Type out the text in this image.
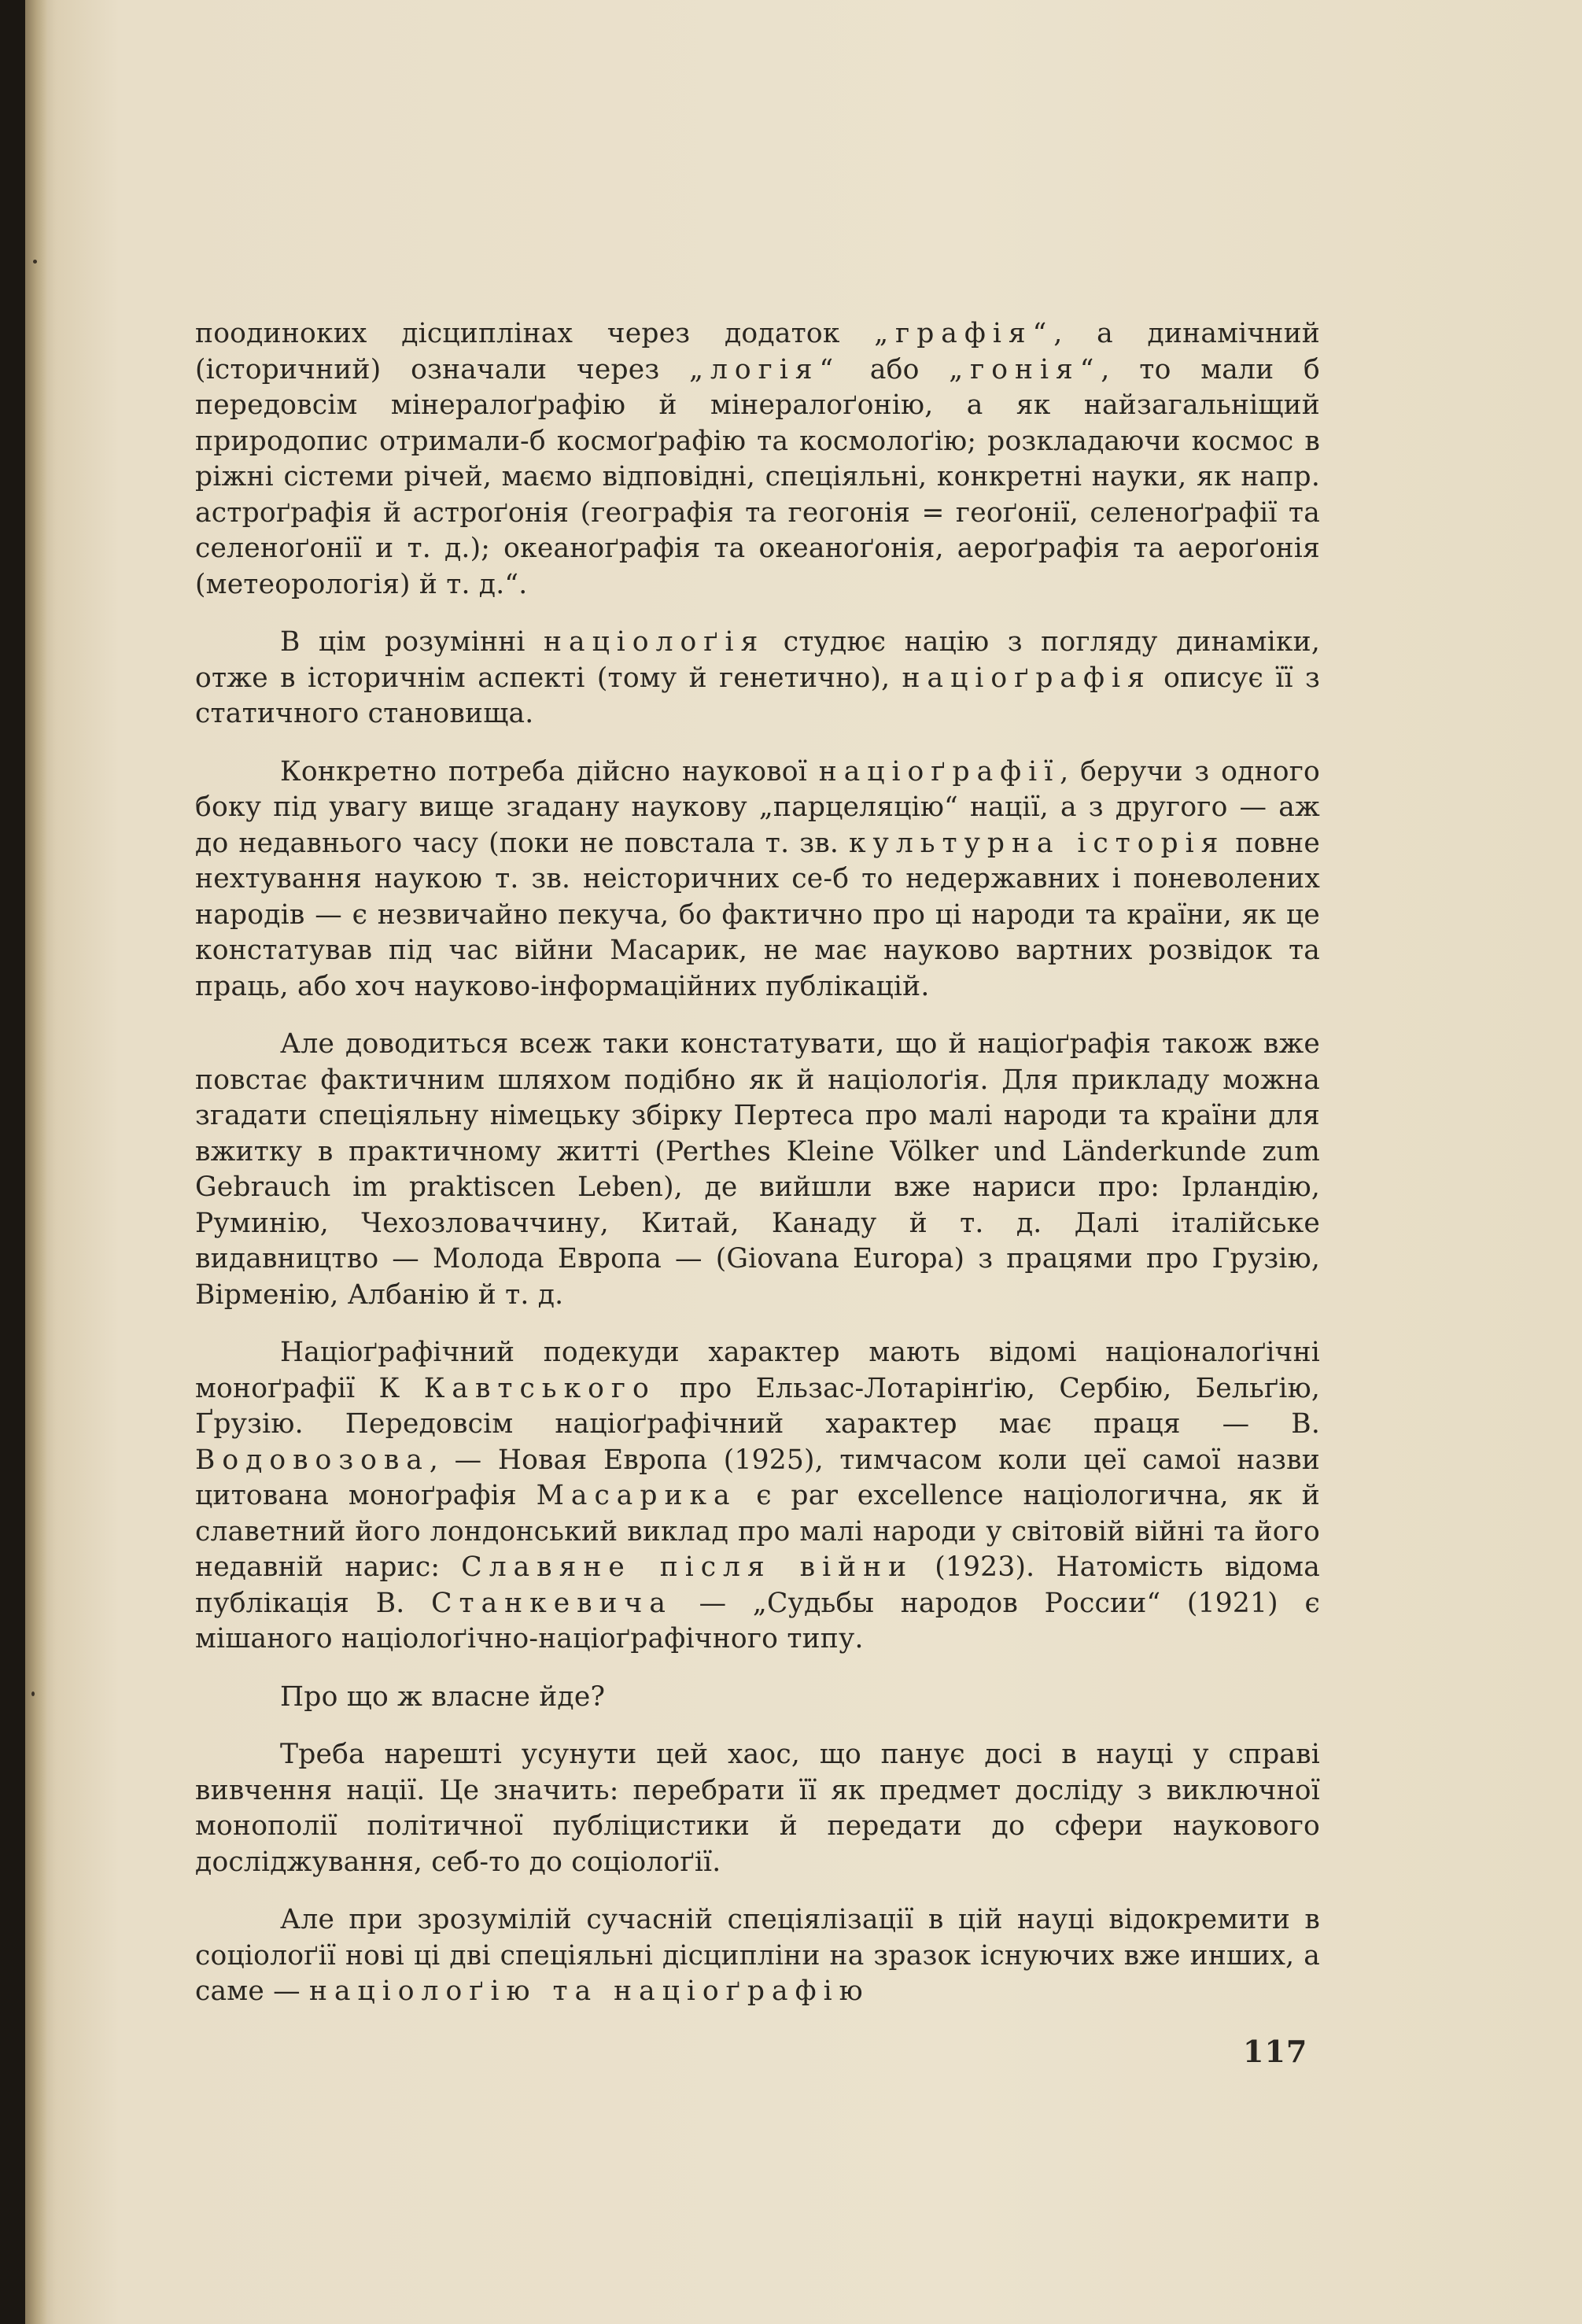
поодиноких дісциплінах через додаток „графія“, а динамічний (історичний) означали через „логія“ або „гонія“, то мали б передовсім мінералоґрафію й мінералоґонію, а як найзагальніщий природопис отримали-б космоґрафію та космолоґію; розкладаючи космос в ріжні сістеми річей, маємо відповідні, спеціяльні, конкретні науки, як напр. астроґрафія й астроґонія (географія та геогонія = геоґонії, селеноґрафії та селеноґонії и т. д.); океаноґрафія та океаноґонія, аероґрафія та аероґонія (метеорологія) й т. д.“.

В цім розумінні націолоґія студює націю з погляду динаміки, отже в історичнім аспекті (тому й генетично), націоґрафія описує її з статичного становища.

Конкретно потреба дійсно наукової націоґрафії, беручи з одного боку під увагу вище згадану наукову „парцеляцію“ нації, а з другого — аж до недавнього часу (поки не повстала т. зв. культурна історія повне нехтування наукою т. зв. неісторичних се-б то недержавних і поневолених народів — є незвичайно пекуча, бо фактично про ці народи та країни, як це констатував під час війни Масарик, не має науково вартних розвідок та праць, або хоч науково-інформаційних публікацій.

Але доводиться всеж таки констатувати, що й націоґрафія також вже повстає фактичним шляхом подібно як й націолоґія. Для прикладу можна згадати спеціяльну німецьку збірку Пертеса про малі народи та країни для вжитку в практичному житті (Perthes Kleine Völker und Länderkunde zum Gebrauch im praktiscen Leben), де вийшли вже нариси про: Ірландію, Руминію, Чехозловаччину, Китай, Канаду й т. д. Далі італійське видавництво — Молода Европа — (Giovana Europa) з працями про Грузію, Вірменію, Албанію й т. д.

Націоґрафічний подекуди характер мають відомі націоналоґічні моноґрафії К Кавтського про Ельзас-Лотарінґію, Сербію, Бельґію, Ґрузію. Передовсім націоґрафічний характер має праця — В. Водовозова, — Новая Европа (1925), тимчасом коли цеї самої назви цитована моноґрафія Масарика є par excellence націологична, як й славетний його лондонський виклад про малі народи у світовій війні та його недавній нарис: Славяне після війни (1923). Натомість відома публікація В. Станкевича — „Судьбы народов России“ (1921) є мішаного націолоґічно-націоґрафічного типу.

Про що ж власне йде?

Треба нарешті усунути цей хаос, що панує досі в науці у справі вивчення нації. Це значить: перебрати її як предмет досліду з виключної монополії політичної публіцистики й передати до сфери наукового досліджування, себ-то до соціолоґії.

Але при зрозумілій сучасній спеціялізації в цій науці відокремити в соціолоґії нові ці дві спеціяльні дісципліни на зразок існуючих вже инших, а саме — націолоґію та націоґрафію

117
